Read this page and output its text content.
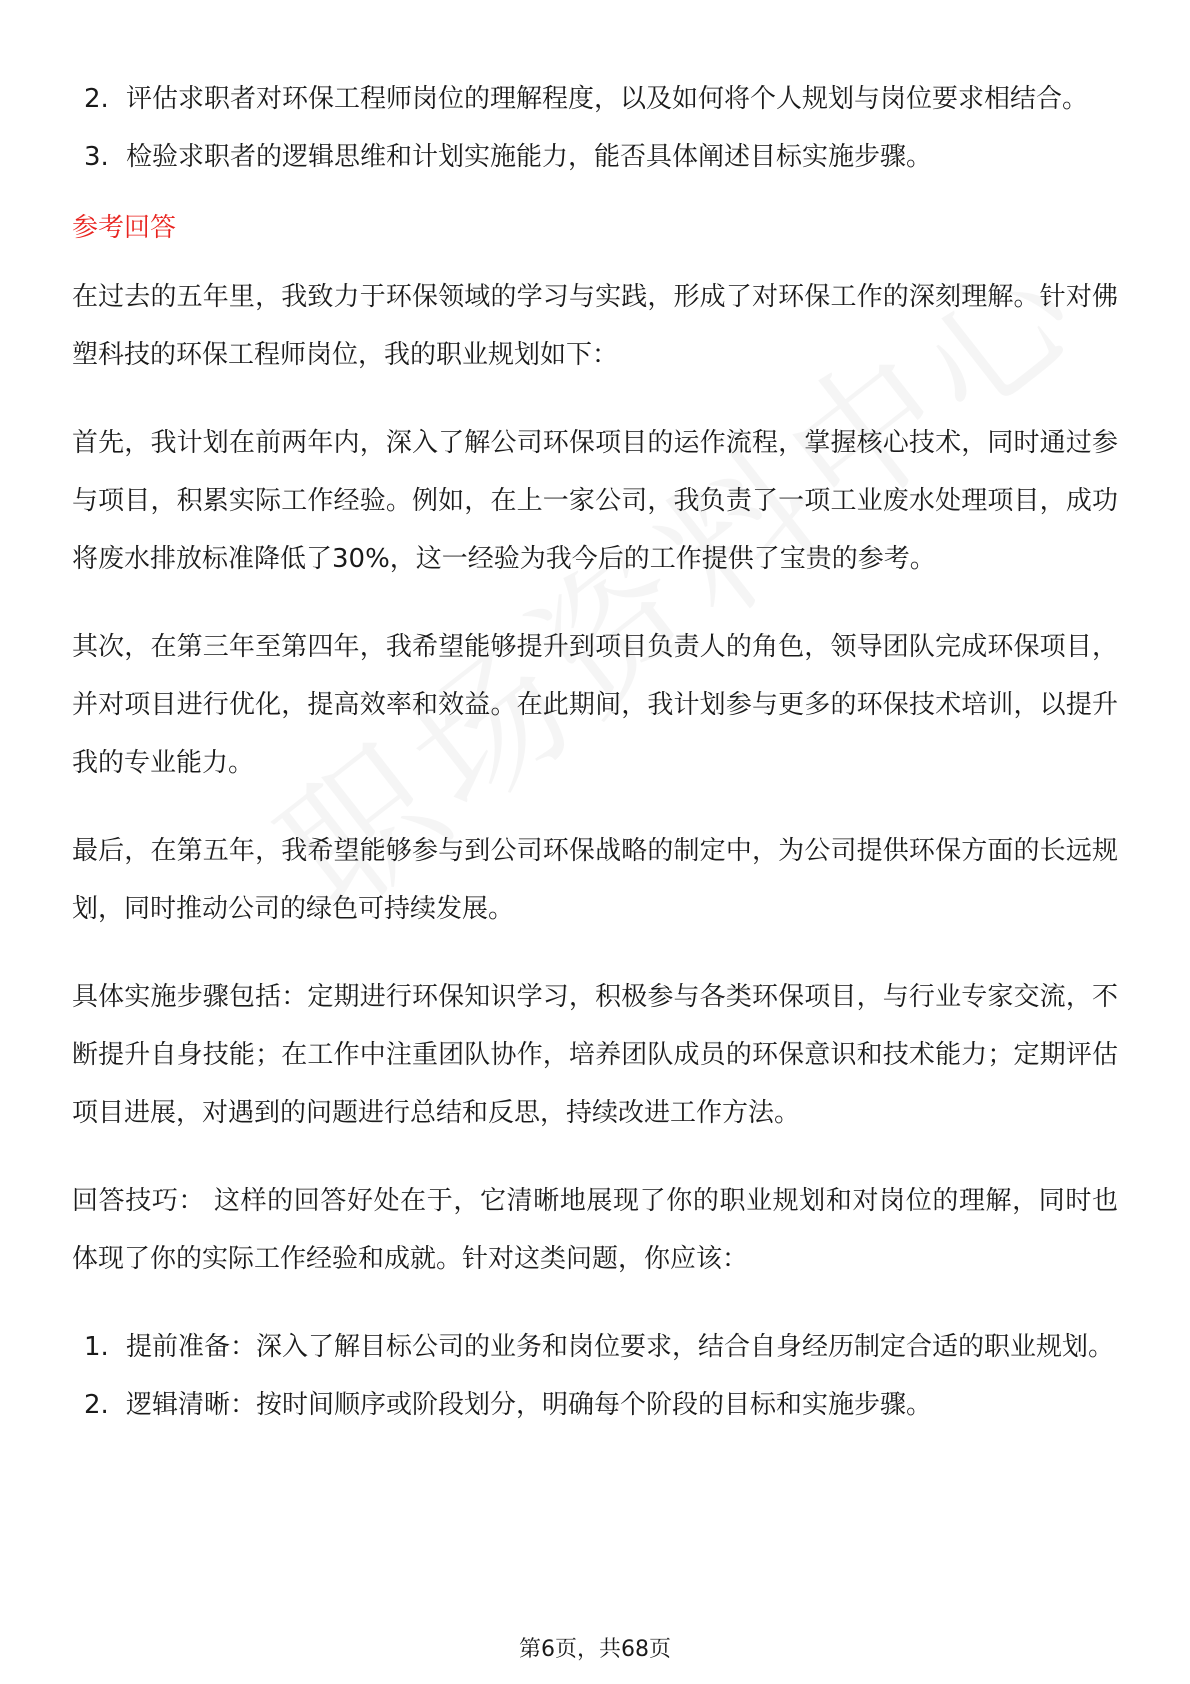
2. 评估求职者对环保工程师岗位的理解程度，以及如何将个人规划与岗位要求相结合。
3. 检验求职者的逻辑思维和计划实施能力，能否具体阐述目标实施步骤。
参考回答

在过去的五年里，我致力于环保领域的学习与实践，形成了对环保工作的深刻理解。针对佛塑科技的环保工程师岗位，我的职业规划如下：

首先，我计划在前两年内，深入了解公司环保项目的运作流程，掌握核心技术，同时通过参与项目，积累实际工作经验。例如，在上一家公司，我负责了一项工业废水处理项目，成功将废水排放标准降低了30%，这一经验为我今后的工作提供了宝贵的参考。

其次，在第三年至第四年，我希望能够提升到项目负责人的角色，领导团队完成环保项目，并对项目进行优化，提高效率和效益。在此期间，我计划参与更多的环保技术培训，以提升我的专业能力。

最后，在第五年，我希望能够参与到公司环保战略的制定中，为公司提供环保方面的长远规划，同时推动公司的绿色可持续发展。

具体实施步骤包括：定期进行环保知识学习，积极参与各类环保项目，与行业专家交流，不断提升自身技能；在工作中注重团队协作，培养团队成员的环保意识和技术能力；定期评估项目进展，对遇到的问题进行总结和反思，持续改进工作方法。

回答技巧： 这样的回答好处在于，它清晰地展现了你的职业规划和对岗位的理解，同时也体现了你的实际工作经验和成就。针对这类问题，你应该：

1. 提前准备：深入了解目标公司的业务和岗位要求，结合自身经历制定合适的职业规划。
2. 逻辑清晰：按时间顺序或阶段划分，明确每个阶段的目标和实施步骤。
第6页，共68页
